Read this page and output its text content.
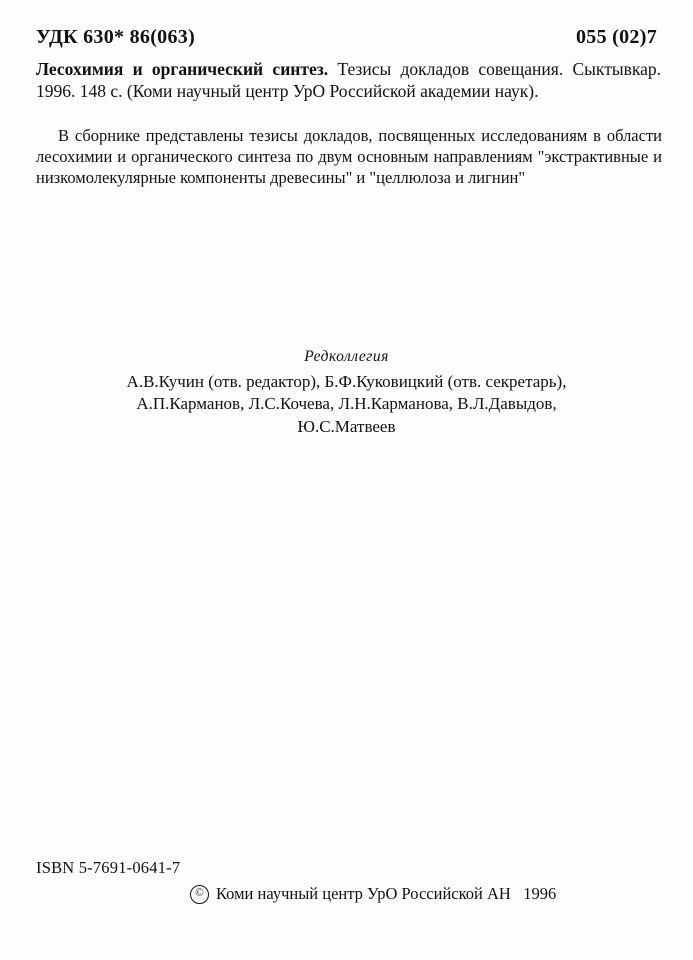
УДК 630* 86(063)	055 (02)7
Лесохимия и органический синтез. Тезисы докладов совещания. Сыктывкар. 1996. 148 с. (Коми научный центр УрО Российской академии наук).
В сборнике представлены тезисы докладов, посвященных исследованиям в области лесохимии и органического синтеза по двум основным направлениям "экстрактивные и низкомолекулярные компоненты древесины" и "целлюлоза и лигнин"
Редколлегия
А.В.Кучин (отв. редактор), Б.Ф.Куковицкий (отв. секретарь),
А.П.Карманов, Л.С.Кочева, Л.Н.Карманова, В.Л.Давыдов,
Ю.С.Матвеев
ISBN 5-7691-0641-7
© Коми научный центр УрО Российской АН   1996
